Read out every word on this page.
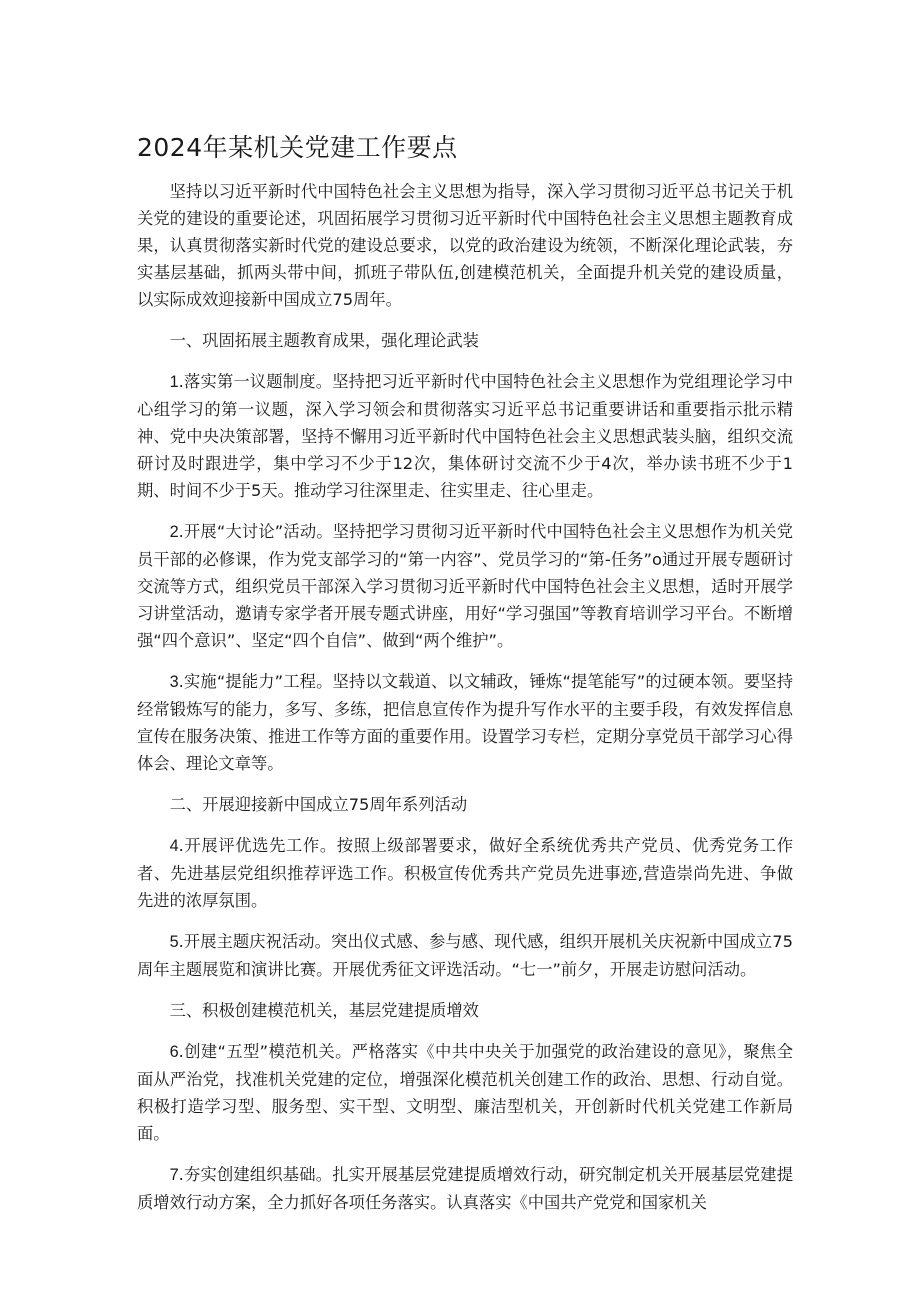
2024年某机关党建工作要点

坚持以习近平新时代中国特色社会主义思想为指导，深入学习贯彻习近平总书记关于机关党的建设的重要论述，巩固拓展学习贯彻习近平新时代中国特色社会主义思想主题教育成果，认真贯彻落实新时代党的建设总要求，以党的政治建设为统领，不断深化理论武装，夯实基层基础，抓两头带中间，抓班子带队伍,创建模范机关，全面提升机关党的建设质量，以实际成效迎接新中国成立75周年。

一、巩固拓展主题教育成果，强化理论武装

1.落实第一议题制度。坚持把习近平新时代中国特色社会主义思想作为党组理论学习中心组学习的第一议题，深入学习领会和贯彻落实习近平总书记重要讲话和重要指示批示精神、党中央决策部署，坚持不懈用习近平新时代中国特色社会主义思想武装头脑，组织交流研讨及时跟进学，集中学习不少于12次，集体研讨交流不少于4次，举办读书班不少于1期、时间不少于5天。推动学习往深里走、往实里走、往心里走。

2.开展“大讨论”活动。坚持把学习贯彻习近平新时代中国特色社会主义思想作为机关党员干部的必修课，作为党支部学习的“第一内容”、党员学习的“第-任务”o通过开展专题研讨交流等方式，组织党员干部深入学习贯彻习近平新时代中国特色社会主义思想，适时开展学习讲堂活动，邀请专家学者开展专题式讲座，用好“学习强国”等教育培训学习平台。不断增强“四个意识”、坚定“四个自信”、做到“两个维护”。

3.实施“提能力”工程。坚持以文载道、以文辅政，锤炼“提笔能写”的过硬本领。要坚持经常锻炼写的能力，多写、多练，把信息宣传作为提升写作水平的主要手段，有效发挥信息宣传在服务决策、推进工作等方面的重要作用。设置学习专栏，定期分享党员干部学习心得体会、理论文章等。

二、开展迎接新中国成立75周年系列活动

4.开展评优选先工作。按照上级部署要求，做好全系统优秀共产党员、优秀党务工作者、先进基层党组织推荐评选工作。积极宣传优秀共产党员先进事迹,营造崇尚先进、争做先进的浓厚氛围。

5.开展主题庆祝活动。突出仪式感、参与感、现代感，组织开展机关庆祝新中国成立75周年主题展览和演讲比赛。开展优秀征文评选活动。“七一”前夕，开展走访慰问活动。

三、积极创建模范机关，基层党建提质增效

6.创建“五型”模范机关。严格落实《中共中央关于加强党的政治建设的意见》，聚焦全面从严治党，找准机关党建的定位，增强深化模范机关创建工作的政治、思想、行动自觉。积极打造学习型、服务型、实干型、文明型、廉洁型机关，开创新时代机关党建工作新局面。

7.夯实创建组织基础。扎实开展基层党建提质增效行动，研究制定机关开展基层党建提质增效行动方案，全力抓好各项任务落实。认真落实《中国共产党党和国家机关
